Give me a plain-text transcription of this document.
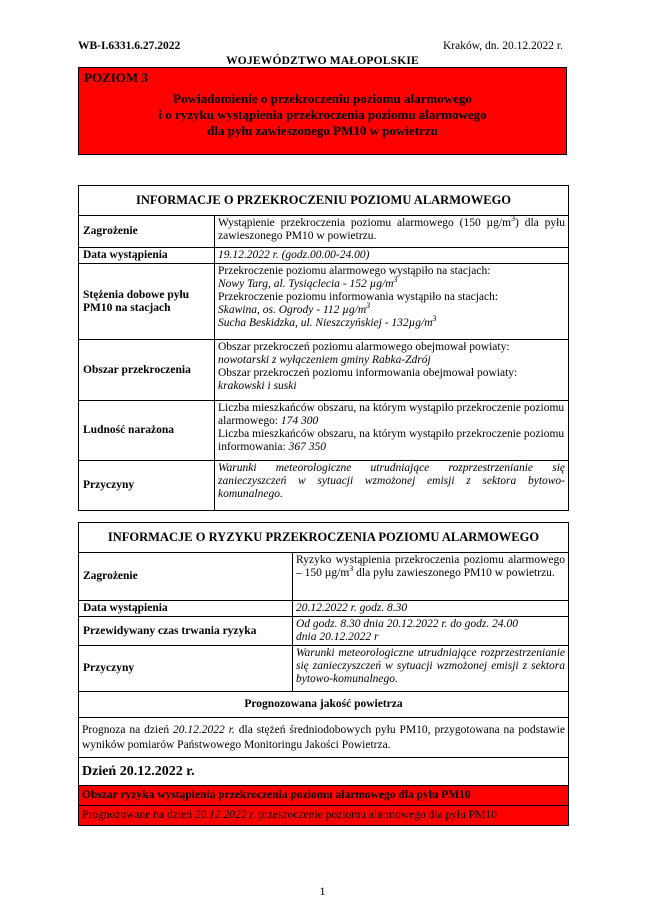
WB-I.6331.6.27.2022	Kraków, dn. 20.12.2022 r.
WOJEWÓDZTWO MAŁOPOLSKIE
POZIOM 3
Powiadomienie o przekroczeniu poziomu alarmowego
i o ryzyku wystąpienia przekroczenia poziomu alarmowego
dla pyłu zawieszonego PM10 w powietrzu
INFORMACJE O PRZEKROCZENIU POZIOMU ALARMOWEGO	
Zagrożenie	Wystąpienie przekroczenia poziomu alarmowego (150 $\mu g/m^3$) dla pyłu zawieszonego PM10 w powietrzu.
Data wystąpienia	19.12.2022 r. (godz.00.00-24.00)
Stężenia dobowe pyłu PM10 na stacjach	Przekroczenie poziomu alarmowego wystąpiło na stacjach:
Nowy Targ, al. Tysiąclecia - 152 $\mu g/m^3$
Przekroczenie poziomu informowania wystąpiło na stacjach:
Skawina, os. Ogrody - 112 $\mu g/m^3$
Sucha Beskidzka, ul. Nieszczyńskiej - $132\mu g/m^3$

Obszar przekroczenia	Obszar przekroczeń poziomu alarmowego obejmował powiaty:
nowotarski z wyłączeniem gminy Rabka-Zdrój
Obszar przekroczeń poziomu informowania obejmował powiaty:
krakowski i suski

Ludność narażona	Liczba mieszkańców obszaru, na którym wystąpiło przekroczenie poziomu alarmowego: 174 300
Liczba mieszkańców obszaru, na którym wystąpiło przekroczenie poziomu informowania: 367 350

Przyczyny	Warunki meteorologiczne utrudniające rozprzestrzenianie się zanieczyszczeń w sytuacji wzmożonej emisji z sektora bytowo-komunalnego.
INFORMACJE O RYZYKU PRZEKROCZENIA POZIOMU ALARMOWEGO	
Zagrożenie	Ryzyko wystąpienia przekroczenia poziomu alarmowego – 150 $\mu g/m^3$ dla pyłu zawieszonego PM10 w powietrzu.
Data wystąpienia	20.12.2022 r. godz. 8.30
Przewidywany czas trwania ryzyka	Od godz. 8.30 dnia 20.12.2022 r. do godz. 24.00
dnia 20.12.2022 r

Przyczyny	Warunki meteorologiczne utrudniające rozprzestrzenianie się zanieczyszczeń w sytuacji wzmożonej emisji z sektora bytowo-komunalnego.
Prognozowana jakość powietrza	
Prognoza na dzień 20.12.2022 r. dla stężeń średniodobowych pyłu PM10, przygotowana na podstawie wyników pomiarów Państwowego Monitoringu Jakości Powietrza.	
Dzień 20.12.2022 r.	
Obszar ryzyka wystąpienia przekroczenia poziomu alarmowego dla pyłu PM10	
Prognozowane na dzień 20.12.2022 r. przekroczenie poziomu alarmowego dla pyłu PM10	
1
